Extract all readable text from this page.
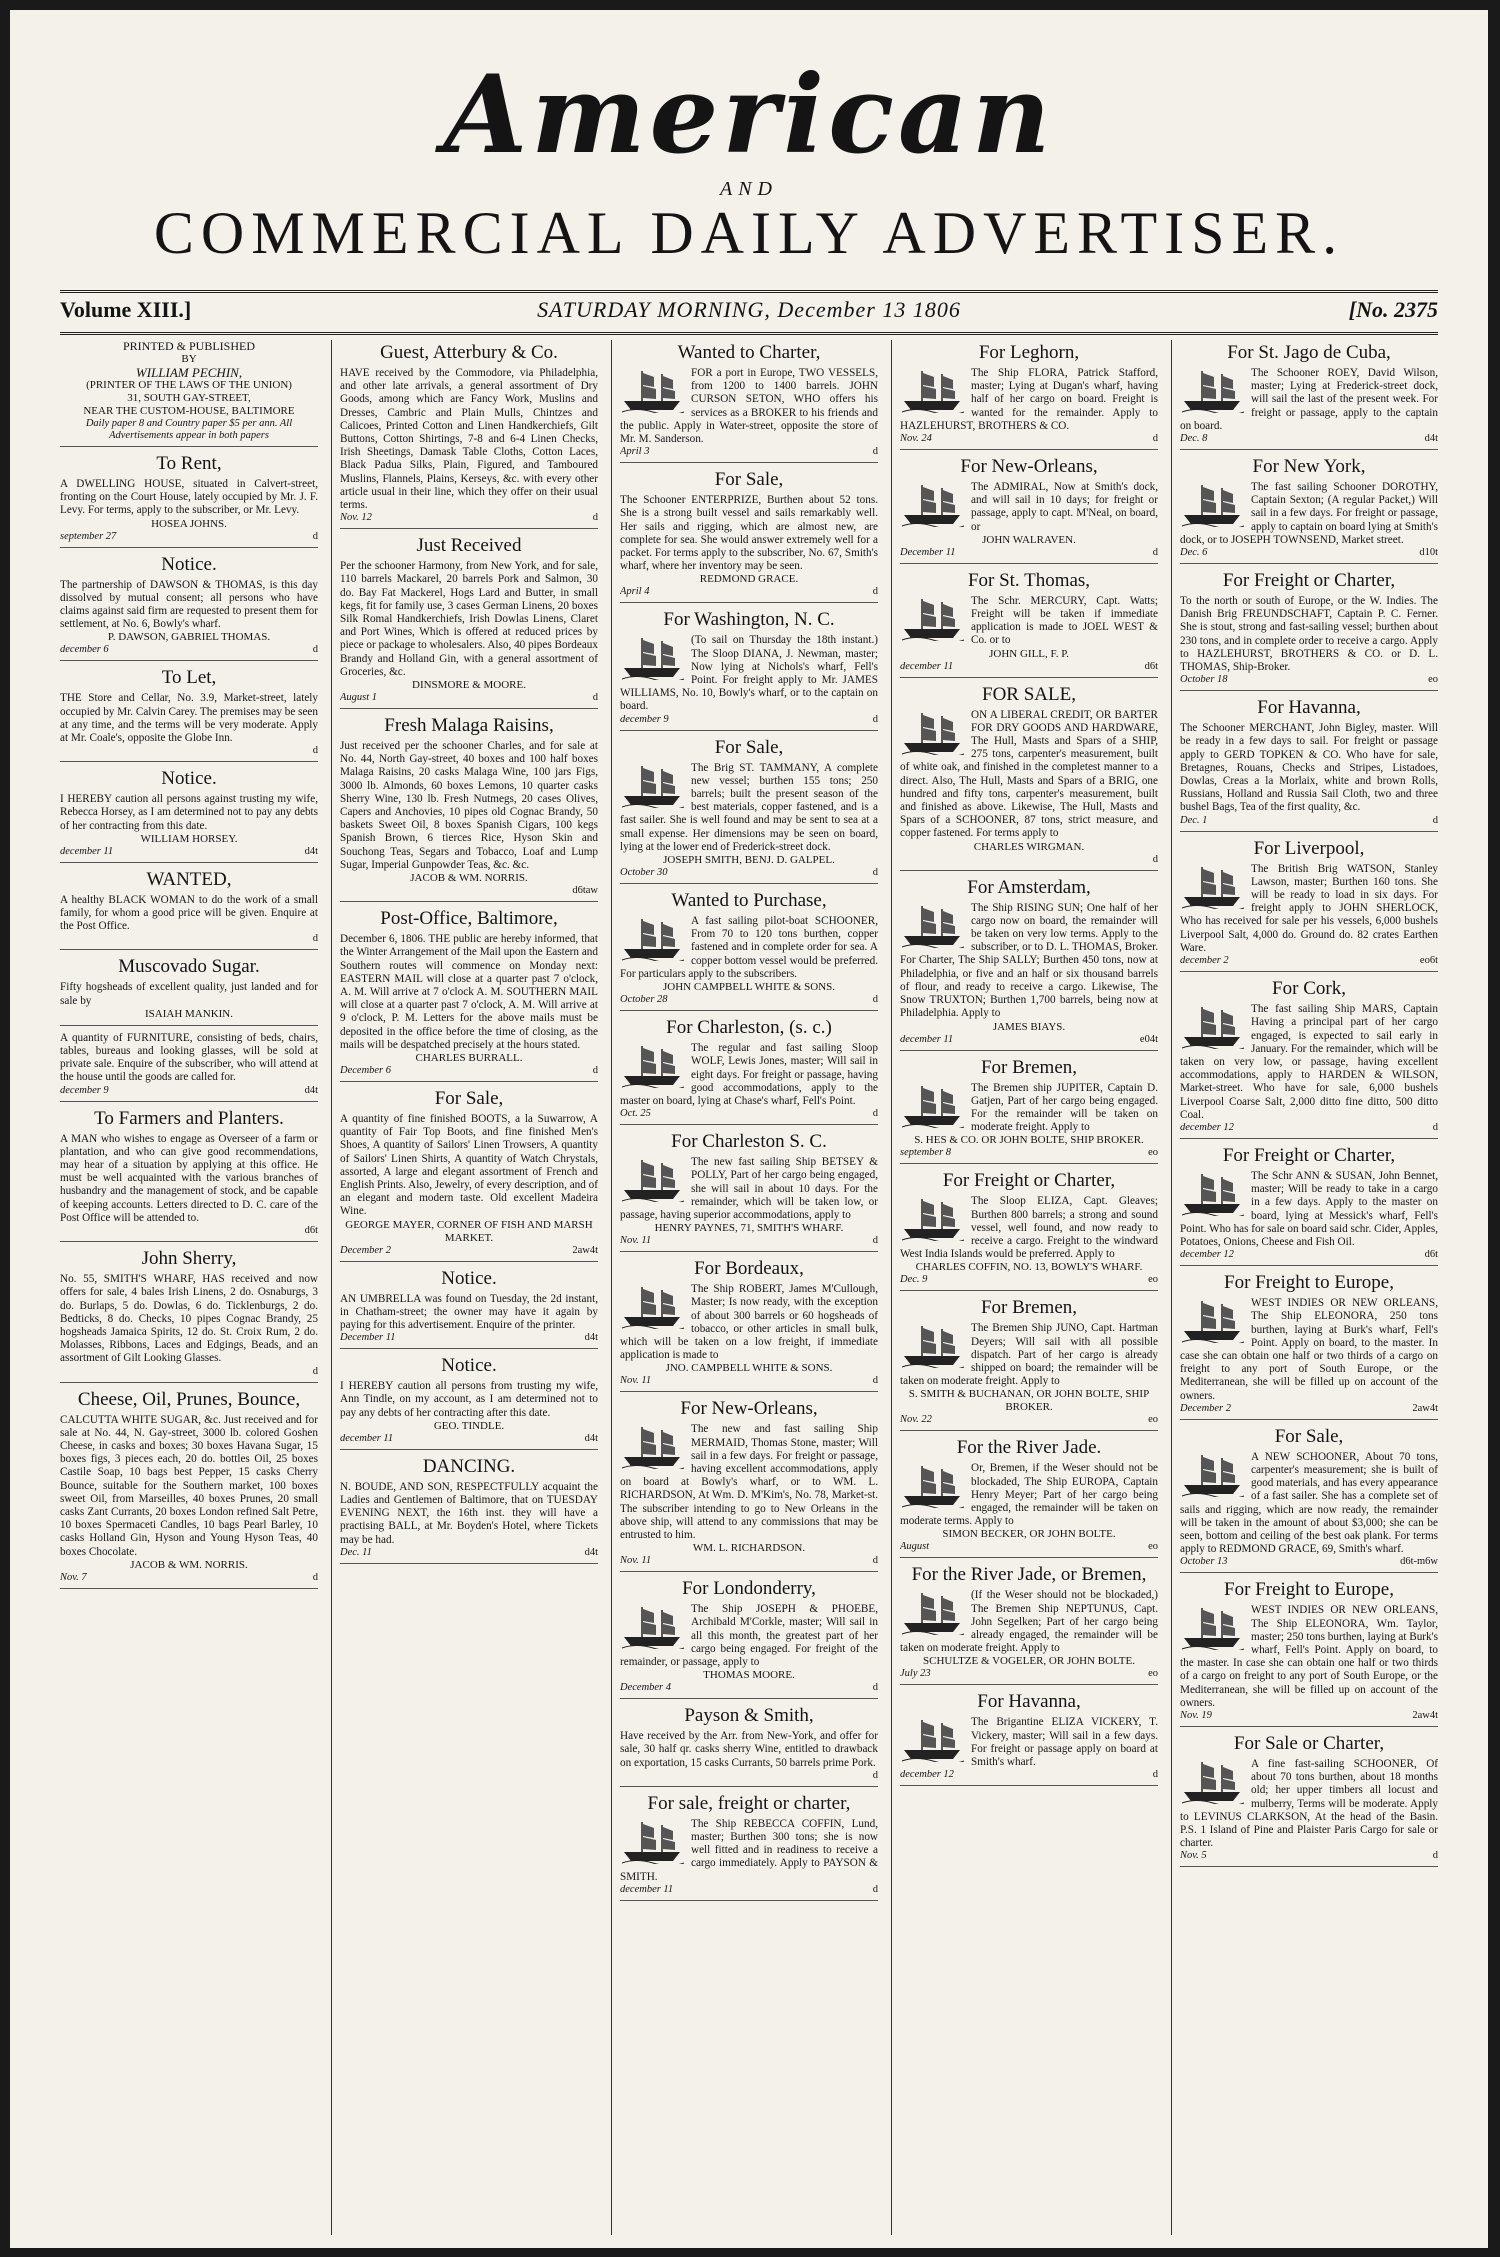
American
AND
COMMERCIAL DAILY ADVERTISER.
Volume XIII.]	SATURDAY MORNING, December 13 1806	[No. 2375
PRINTED & PUBLISHED
BY
WILLIAM PECHIN,
(PRINTER OF THE LAWS OF THE UNION)
31, SOUTH GAY-STREET,
NEAR THE CUSTOM-HOUSE, BALTIMORE
Daily paper 8 and Country paper $5 per ann. All Advertisements appear in both papers
To Rent,
A DWELLING HOUSE, situated in Calvert-street, fronting on the Court House, lately occupied by Mr. J. F. Levy. For terms, apply to the subscriber, or Mr. Levy.
HOSEA JOHNS.
september 27	d
Notice.
The partnership of DAWSON & THOMAS, is this day dissolved by mutual consent; all persons who have claims against said firm are requested to present them for settlement, at No. 6, Bowly's wharf.
P. DAWSON, GABRIEL THOMAS.
december 6	d
To Let,
THE Store and Cellar, No. 3.9, Market-street, lately occupied by Mr. Calvin Carey. The premises may be seen at any time, and the terms will be very moderate. Apply at Mr. Coale's, opposite the Globe Inn.
d
Notice.
I HEREBY caution all persons against trusting my wife, Rebecca Horsey, as I am determined not to pay any debts of her contracting from this date.
WILLIAM HORSEY.
december 11	d4t
WANTED,
A healthy BLACK WOMAN to do the work of a small family, for whom a good price will be given. Enquire at the Post Office.
d
Muscovado Sugar.
Fifty hogsheads of excellent quality, just landed and for sale by
ISAIAH MANKIN.
A quantity of FURNITURE, consisting of beds, chairs, tables, bureaus and looking glasses, will be sold at private sale. Enquire of the subscriber, who will attend at the house until the goods are called for.
december 9	d4t
To Farmers and Planters.
A MAN who wishes to engage as Overseer of a farm or plantation, and who can give good recommendations, may hear of a situation by applying at this office. He must be well acquainted with the various branches of husbandry and the management of stock, and be capable of keeping accounts. Letters directed to D. C. care of the Post Office will be attended to.
d6t
John Sherry,
No. 55, SMITH'S WHARF, HAS received and now offers for sale, 4 bales Irish Linens, 2 do. Osnaburgs, 3 do. Burlaps, 5 do. Dowlas, 6 do. Ticklenburgs, 2 do. Bedticks, 8 do. Checks, 10 pipes Cognac Brandy, 25 hogsheads Jamaica Spirits, 12 do. St. Croix Rum, 2 do. Molasses, Ribbons, Laces and Edgings, Beads, and an assortment of Gilt Looking Glasses.
d
Cheese, Oil, Prunes, Bounce,
CALCUTTA WHITE SUGAR, &c. Just received and for sale at No. 44, N. Gay-street, 3000 lb. colored Goshen Cheese, in casks and boxes; 30 boxes Havana Sugar, 15 boxes figs, 3 pieces each, 20 do. bottles Oil, 25 boxes Castile Soap, 10 bags best Pepper, 15 casks Cherry Bounce, suitable for the Southern market, 100 boxes sweet Oil, from Marseilles, 40 boxes Prunes, 20 small casks Zant Currants, 20 boxes London refined Salt Petre, 10 boxes Spermaceti Candles, 10 bags Pearl Barley, 10 casks Holland Gin, Hyson and Young Hyson Teas, 40 boxes Chocolate.
JACOB & WM. NORRIS.
Nov. 7	d
Guest, Atterbury & Co.
HAVE received by the Commodore, via Philadelphia, and other late arrivals, a general assortment of Dry Goods, among which are Fancy Work, Muslins and Dresses, Cambric and Plain Mulls, Chintzes and Calicoes, Printed Cotton and Linen Handkerchiefs, Gilt Buttons, Cotton Shirtings, 7-8 and 6-4 Linen Checks, Irish Sheetings, Damask Table Cloths, Cotton Laces, Black Padua Silks, Plain, Figured, and Tamboured Muslins, Flannels, Plains, Kerseys, &c. with every other article usual in their line, which they offer on their usual terms.
Nov. 12	d
Just Received
Per the schooner Harmony, from New York, and for sale, 110 barrels Mackarel, 20 barrels Pork and Salmon, 30 do. Bay Fat Mackerel, Hogs Lard and Butter, in small kegs, fit for family use, 3 cases German Linens, 20 boxes Silk Romal Handkerchiefs, Irish Dowlas Linens, Claret and Port Wines, Which is offered at reduced prices by piece or package to wholesalers. Also, 40 pipes Bordeaux Brandy and Holland Gin, with a general assortment of Groceries, &c.
DINSMORE & MOORE.
August 1	d
Fresh Malaga Raisins,
Just received per the schooner Charles, and for sale at No. 44, North Gay-street, 40 boxes and 100 half boxes Malaga Raisins, 20 casks Malaga Wine, 100 jars Figs, 3000 lb. Almonds, 60 boxes Lemons, 10 quarter casks Sherry Wine, 130 lb. Fresh Nutmegs, 20 cases Olives, Capers and Anchovies, 10 pipes old Cognac Brandy, 50 baskets Sweet Oil, 8 boxes Spanish Cigars, 100 kegs Spanish Brown, 6 tierces Rice, Hyson Skin and Souchong Teas, Segars and Tobacco, Loaf and Lump Sugar, Imperial Gunpowder Teas, &c. &c.
JACOB & WM. NORRIS.
d6taw
Post-Office, Baltimore,
December 6, 1806. THE public are hereby informed, that the Winter Arrangement of the Mail upon the Eastern and Southern routes will commence on Monday next: EASTERN MAIL will close at a quarter past 7 o'clock, A. M. Will arrive at 7 o'clock A. M. SOUTHERN MAIL will close at a quarter past 7 o'clock, A. M. Will arrive at 9 o'clock, P. M. Letters for the above mails must be deposited in the office before the time of closing, as the mails will be despatched precisely at the hours stated.
CHARLES BURRALL.
December 6	d
For Sale,
A quantity of fine finished BOOTS, a la Suwarrow, A quantity of Fair Top Boots, and fine finished Men's Shoes, A quantity of Sailors' Linen Trowsers, A quantity of Sailors' Linen Shirts, A quantity of Watch Chrystals, assorted, A large and elegant assortment of French and English Prints. Also, Jewelry, of every description, and of an elegant and modern taste. Old excellent Madeira Wine.
GEORGE MAYER, CORNER OF FISH AND MARSH MARKET.
December 2	2aw4t
Notice.
AN UMBRELLA was found on Tuesday, the 2d instant, in Chatham-street; the owner may have it again by paying for this advertisement. Enquire of the printer.
December 11	d4t
Notice.
I HEREBY caution all persons from trusting my wife, Ann Tindle, on my account, as I am determined not to pay any debts of her contracting after this date.
GEO. TINDLE.
december 11	d4t
DANCING.
N. BOUDE, AND SON, RESPECTFULLY acquaint the Ladies and Gentlemen of Baltimore, that on TUESDAY EVENING NEXT, the 16th inst. they will have a practising BALL, at Mr. Boyden's Hotel, where Tickets may be had.
Dec. 11	d4t
Wanted to Charter,
FOR a port in Europe, TWO VESSELS, from 1200 to 1400 barrels. JOHN CURSON SETON, WHO offers his services as a BROKER to his friends and the public. Apply in Water-street, opposite the store of Mr. M. Sanderson.
April 3	d
For Sale,
The Schooner ENTERPRIZE, Burthen about 52 tons. She is a strong built vessel and sails remarkably well. Her sails and rigging, which are almost new, are complete for sea. She would answer extremely well for a packet. For terms apply to the subscriber, No. 67, Smith's wharf, where her inventory may be seen.
REDMOND GRACE.
April 4	d
For Washington, N. C.
(To sail on Thursday the 18th instant.) The Sloop DIANA, J. Newman, master; Now lying at Nichols's wharf, Fell's Point. For freight apply to Mr. JAMES WILLIAMS, No. 10, Bowly's wharf, or to the captain on board.
december 9	d
For Sale,
The Brig ST. TAMMANY, A complete new vessel; burthen 155 tons; 250 barrels; built the present season of the best materials, copper fastened, and is a fast sailer. She is well found and may be sent to sea at a small expense. Her dimensions may be seen on board, lying at the lower end of Frederick-street dock.
JOSEPH SMITH, BENJ. D. GALPEL.
October 30	d
Wanted to Purchase,
A fast sailing pilot-boat SCHOONER, From 70 to 120 tons burthen, copper fastened and in complete order for sea. A copper bottom vessel would be preferred. For particulars apply to the subscribers.
JOHN CAMPBELL WHITE & SONS.
October 28	d
For Charleston, (s. c.)
The regular and fast sailing Sloop WOLF, Lewis Jones, master; Will sail in eight days. For freight or passage, having good accommodations, apply to the master on board, lying at Chase's wharf, Fell's Point.
Oct. 25	d
For Charleston S. C.
The new fast sailing Ship BETSEY & POLLY, Part of her cargo being engaged, she will sail in about 10 days. For the remainder, which will be taken low, or passage, having superior accommodations, apply to
HENRY PAYNES, 71, SMITH'S WHARF.
Nov. 11	d
For Bordeaux,
The Ship ROBERT, James M'Cullough, Master; Is now ready, with the exception of about 300 barrels or 60 hogsheads of tobacco, or other articles in small bulk, which will be taken on a low freight, if immediate application is made to
JNO. CAMPBELL WHITE & SONS.
Nov. 11	d
For New-Orleans,
The new and fast sailing Ship MERMAID, Thomas Stone, master; Will sail in a few days. For freight or passage, having excellent accommodations, apply on board at Bowly's wharf, or to WM. L. RICHARDSON, At Wm. D. M'Kim's, No. 78, Market-st. The subscriber intending to go to New Orleans in the above ship, will attend to any commissions that may be entrusted to him.
WM. L. RICHARDSON.
Nov. 11	d
For Londonderry,
The Ship JOSEPH & PHOEBE, Archibald M'Corkle, master; Will sail in all this month, the greatest part of her cargo being engaged. For freight of the remainder, or passage, apply to
THOMAS MOORE.
December 4	d
Payson & Smith,
Have received by the Arr. from New-York, and offer for sale, 30 half qr. casks sherry Wine, entitled to drawback on exportation, 15 casks Currants, 50 barrels prime Pork.
d
For sale, freight or charter,
The Ship REBECCA COFFIN, Lund, master; Burthen 300 tons; she is now well fitted and in readiness to receive a cargo immediately. Apply to PAYSON & SMITH.
december 11	d
For Leghorn,
The Ship FLORA, Patrick Stafford, master; Lying at Dugan's wharf, having half of her cargo on board. Freight is wanted for the remainder. Apply to HAZLEHURST, BROTHERS & CO.
Nov. 24	d
For New-Orleans,
The ADMIRAL, Now at Smith's dock, and will sail in 10 days; for freight or passage, apply to capt. M'Neal, on board, or
JOHN WALRAVEN.
December 11	d
For St. Thomas,
The Schr. MERCURY, Capt. Watts; Freight will be taken if immediate application is made to JOEL WEST & Co. or to
JOHN GILL, F. P.
december 11	d6t
FOR SALE,
ON A LIBERAL CREDIT, OR BARTER FOR DRY GOODS AND HARDWARE, The Hull, Masts and Spars of a SHIP, 275 tons, carpenter's measurement, built of white oak, and finished in the completest manner to a direct. Also, The Hull, Masts and Spars of a BRIG, one hundred and fifty tons, carpenter's measurement, built and finished as above. Likewise, The Hull, Masts and Spars of a SCHOONER, 87 tons, strict measure, and copper fastened. For terms apply to
CHARLES WIRGMAN.
d
For Amsterdam,
The Ship RISING SUN; One half of her cargo now on board, the remainder will be taken on very low terms. Apply to the subscriber, or to D. L. THOMAS, Broker. For Charter, The Ship SALLY; Burthen 450 tons, now at Philadelphia, or five and an half or six thousand barrels of flour, and ready to receive a cargo. Likewise, The Snow TRUXTON; Burthen 1,700 barrels, being now at Philadelphia. Apply to
JAMES BIAYS.
december 11	e04t
For Bremen,
The Bremen ship JUPITER, Captain D. Gatjen, Part of her cargo being engaged. For the remainder will be taken on moderate freight. Apply to
S. HES & CO. OR JOHN BOLTE, SHIP BROKER.
september 8	eo
For Freight or Charter,
The Sloop ELIZA, Capt. Gleaves; Burthen 800 barrels; a strong and sound vessel, well found, and now ready to receive a cargo. Freight to the windward West India Islands would be preferred. Apply to
CHARLES COFFIN, NO. 13, BOWLY'S WHARF.
Dec. 9	eo
For Bremen,
The Bremen Ship JUNO, Capt. Hartman Deyers; Will sail with all possible dispatch. Part of her cargo is already shipped on board; the remainder will be taken on moderate freight. Apply to
S. SMITH & BUCHANAN, OR JOHN BOLTE, SHIP BROKER.
Nov. 22	eo
For the River Jade.
Or, Bremen, if the Weser should not be blockaded, The Ship EUROPA, Captain Henry Meyer; Part of her cargo being engaged, the remainder will be taken on moderate terms. Apply to
SIMON BECKER, OR JOHN BOLTE.
August	eo
For the River Jade, or Bremen,
(If the Weser should not be blockaded,) The Bremen Ship NEPTUNUS, Capt. John Segelken; Part of her cargo being already engaged, the remainder will be taken on moderate freight. Apply to
SCHULTZE & VOGELER, OR JOHN BOLTE.
July 23	eo
For Havanna,
The Brigantine ELIZA VICKERY, T. Vickery, master; Will sail in a few days. For freight or passage apply on board at Smith's wharf.
december 12	d
For St. Jago de Cuba,
The Schooner ROEY, David Wilson, master; Lying at Frederick-street dock, will sail the last of the present week. For freight or passage, apply to the captain on board.
Dec. 8	d4t
For New York,
The fast sailing Schooner DOROTHY, Captain Sexton; (A regular Packet,) Will sail in a few days. For freight or passage, apply to captain on board lying at Smith's dock, or to JOSEPH TOWNSEND, Market street.
Dec. 6	d10t
For Freight or Charter,
To the north or south of Europe, or the W. Indies. The Danish Brig FREUNDSCHAFT, Captain P. C. Ferner. She is stout, strong and fast-sailing vessel; burthen about 230 tons, and in complete order to receive a cargo. Apply to HAZLEHURST, BROTHERS & CO. or D. L. THOMAS, Ship-Broker.
October 18	eo
For Havanna,
The Schooner MERCHANT, John Bigley, master. Will be ready in a few days to sail. For freight or passage apply to GERD TOPKEN & CO. Who have for sale, Bretagnes, Rouans, Checks and Stripes, Listadoes, Dowlas, Creas a la Morlaix, white and brown Rolls, Russians, Holland and Russia Sail Cloth, two and three bushel Bags, Tea of the first quality, &c.
Dec. 1	d
For Liverpool,
The British Brig WATSON, Stanley Lawson, master; Burthen 160 tons. She will be ready to load in six days. For freight apply to JOHN SHERLOCK, Who has received for sale per his vessels, 6,000 bushels Liverpool Salt, 4,000 do. Ground do. 82 crates Earthen Ware.
december 2	eo6t
For Cork,
The fast sailing Ship MARS, Captain Having a principal part of her cargo engaged, is expected to sail early in January. For the remainder, which will be taken on very low, or passage, having excellent accommodations, apply to HARDEN & WILSON, Market-street. Who have for sale, 6,000 bushels Liverpool Coarse Salt, 2,000 ditto fine ditto, 500 ditto Coal.
december 12	d
For Freight or Charter,
The Schr ANN & SUSAN, John Bennet, master; Will be ready to take in a cargo in a few days. Apply to the master on board, lying at Messick's wharf, Fell's Point. Who has for sale on board said schr. Cider, Apples, Potatoes, Onions, Cheese and Fish Oil.
december 12	d6t
For Freight to Europe,
WEST INDIES OR NEW ORLEANS, The Ship ELEONORA, 250 tons burthen, laying at Burk's wharf, Fell's Point. Apply on board, to the master. In case she can obtain one half or two thirds of a cargo on freight to any port of South Europe, or the Mediterranean, she will be filled up on account of the owners.
December 2	2aw4t
For Sale,
A NEW SCHOONER, About 70 tons, carpenter's measurement; she is built of good materials, and has every appearance of a fast sailer. She has a complete set of sails and rigging, which are now ready, the remainder will be taken in the amount of about $3,000; she can be seen, bottom and ceiling of the best oak plank. For terms apply to REDMOND GRACE, 69, Smith's wharf.
October 13	d6t-m6w
For Freight to Europe,
WEST INDIES OR NEW ORLEANS, The Ship ELEONORA, Wm. Taylor, master; 250 tons burthen, laying at Burk's wharf, Fell's Point. Apply on board, to the master. In case she can obtain one half or two thirds of a cargo on freight to any port of South Europe, or the Mediterranean, she will be filled up on account of the owners.
Nov. 19	2aw4t
For Sale or Charter,
A fine fast-sailing SCHOONER, Of about 70 tons burthen, about 18 months old; her upper timbers all locust and mulberry, Terms will be moderate. Apply to LEVINUS CLARKSON, At the head of the Basin. P.S. 1 Island of Pine and Plaister Paris Cargo for sale or charter.
Nov. 5	d
